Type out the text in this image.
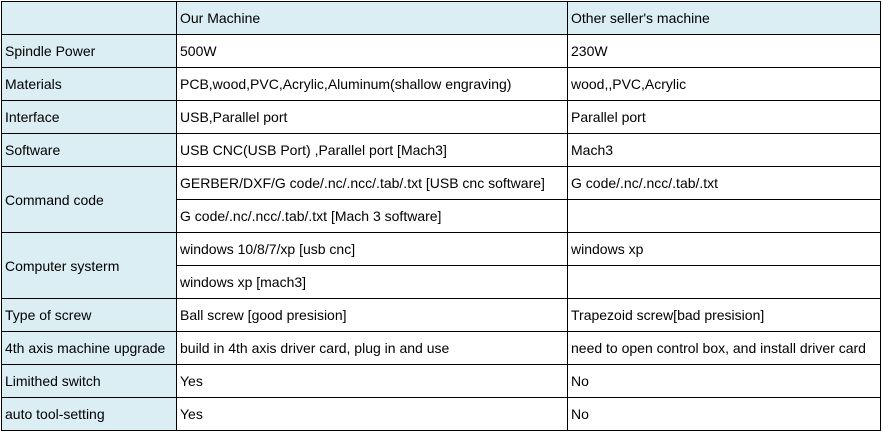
	Our Machine	Other seller's machine
Spindle Power	500W	230W
Materials	PCB,wood,PVC,Acrylic,Aluminum(shallow engraving)	wood,,PVC,Acrylic
Interface	USB,Parallel port	Parallel port
Software	USB CNC(USB Port) ,Parallel port [Mach3]	Mach3
Command code	GERBER/DXF/G code/.nc/.ncc/.tab/.txt [USB cnc software]	G code/.nc/.ncc/.tab/.txt
	G code/.nc/.ncc/.tab/.txt [Mach 3 software]	
Computer systerm	windows 10/8/7/xp [usb cnc]	windows xp
	windows xp [mach3]	
Type of screw	Ball screw [good presision]	Trapezoid screw[bad presision]
4th axis machine upgrade	build in 4th axis driver card, plug in and use	need to open control box, and install driver card
Limithed switch	Yes	No
auto tool-setting	Yes	No
